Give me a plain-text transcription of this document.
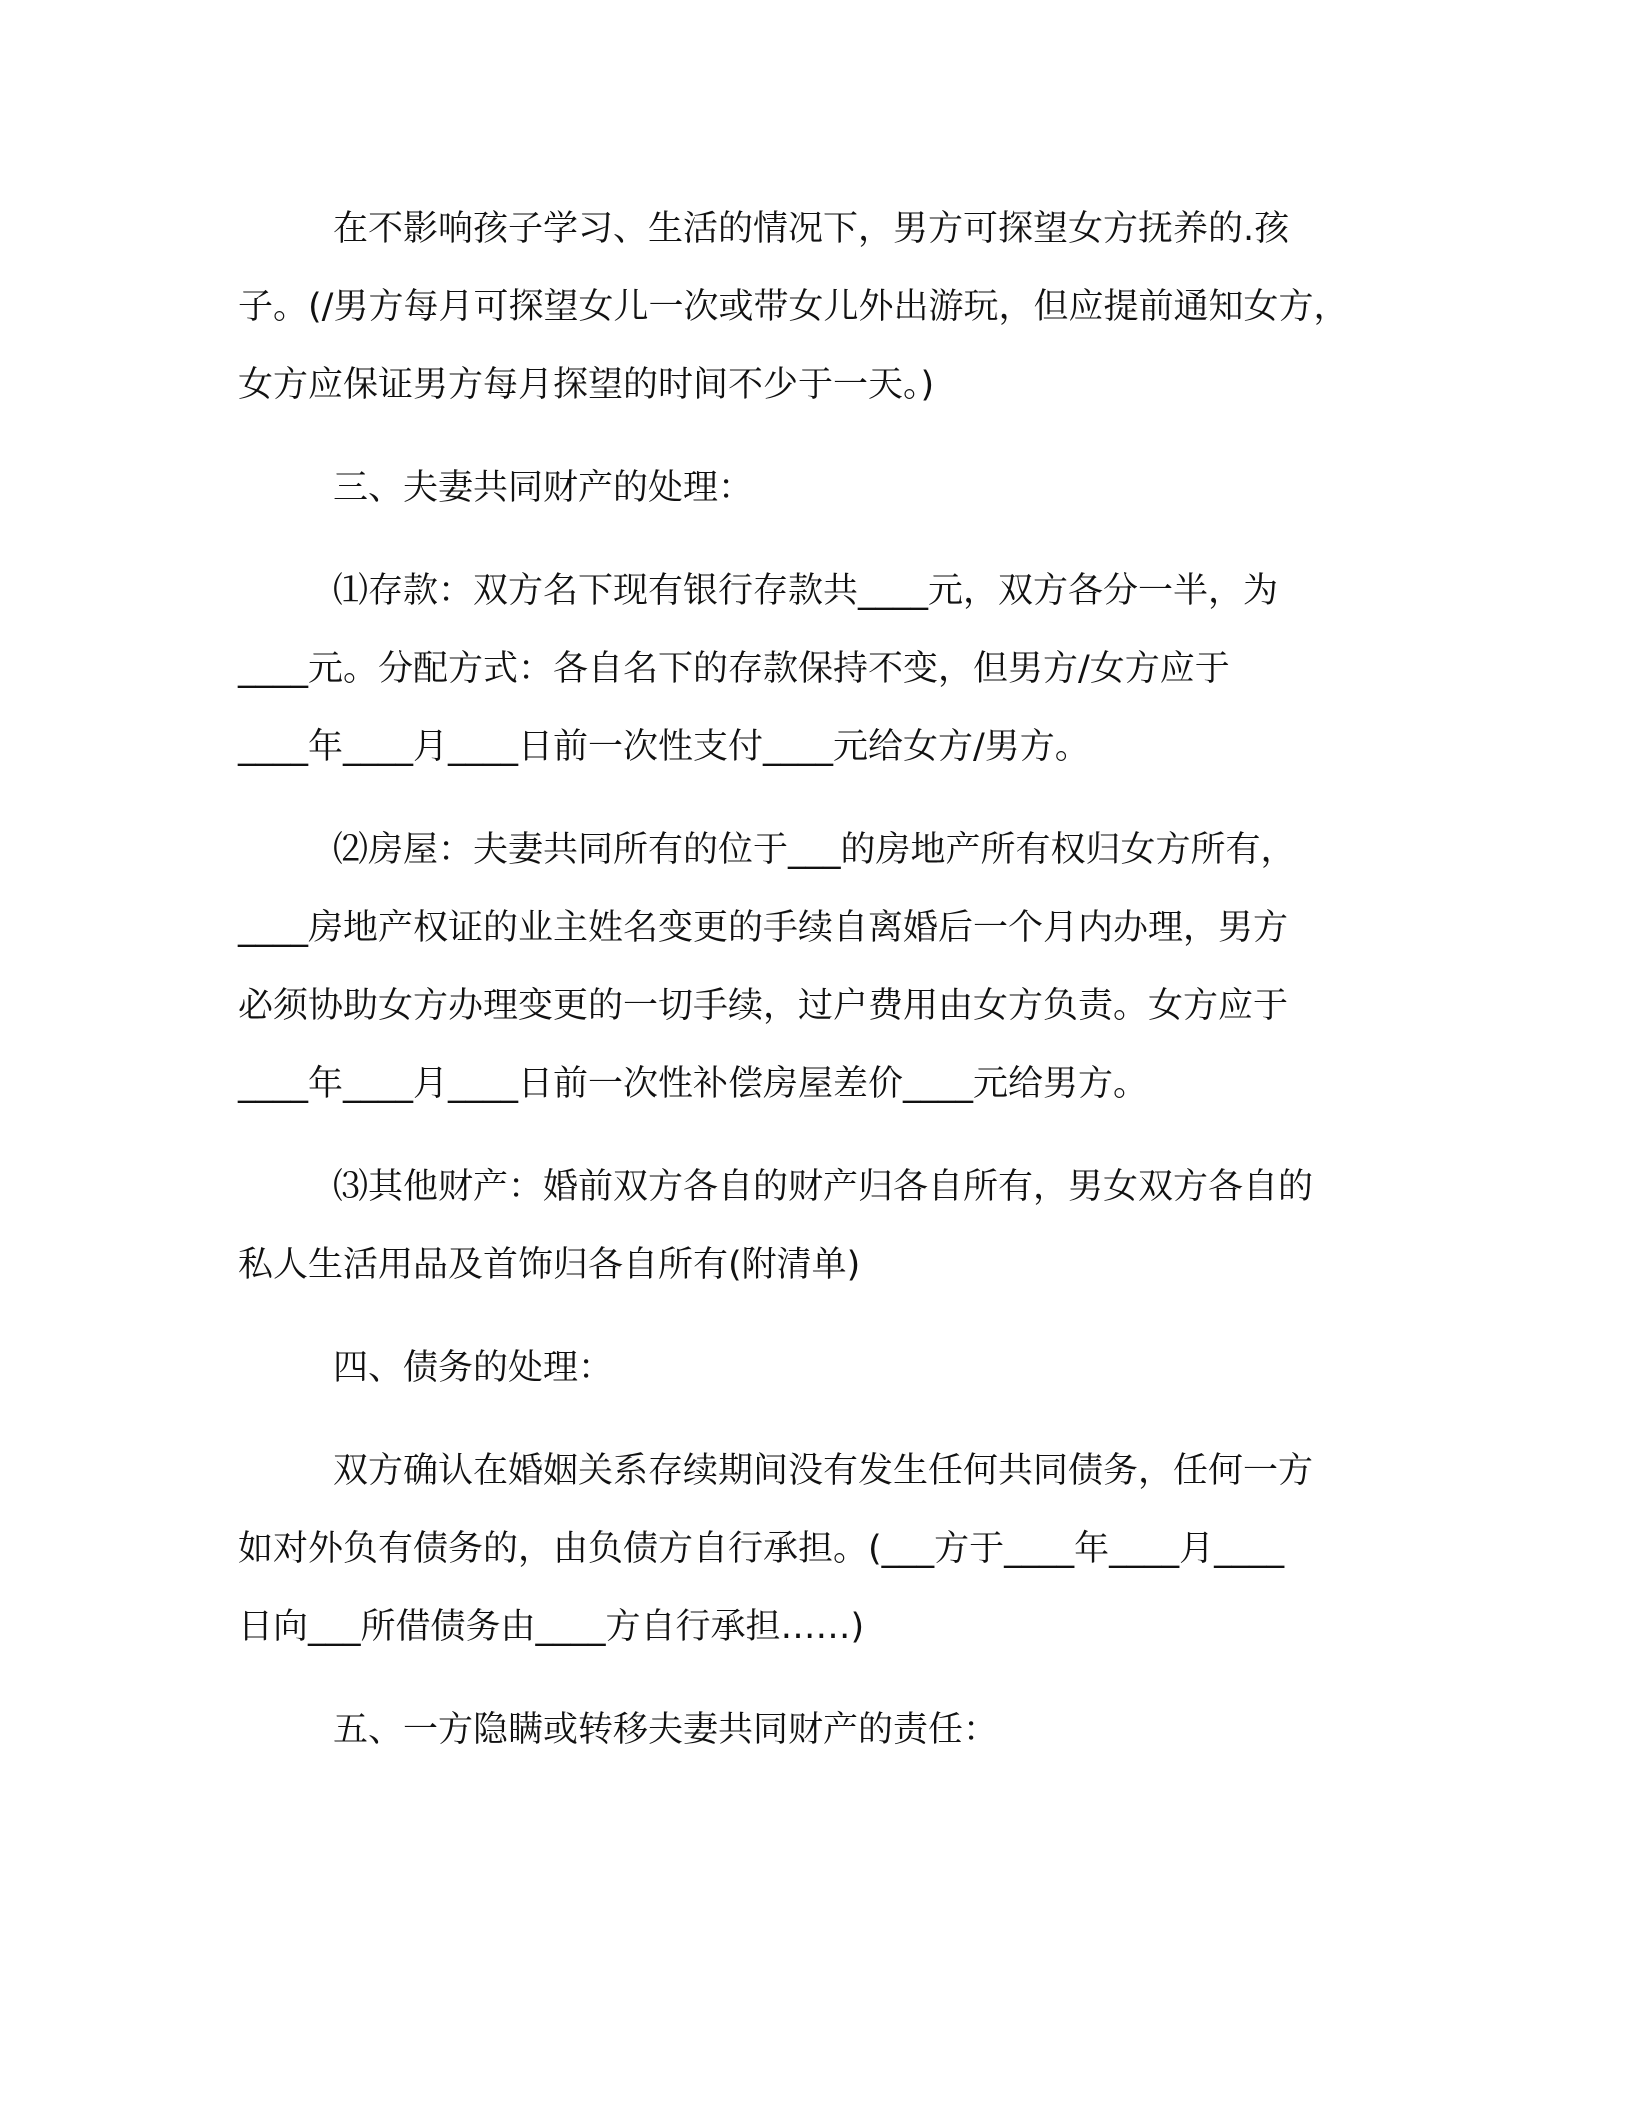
在不影响孩子学习、生活的情况下，男方可探望女方抚养的.孩
子。(/男方每月可探望女儿一次或带女儿外出游玩，但应提前通知女方，
女方应保证男方每月探望的时间不少于一天。)
三、夫妻共同财产的处理：
⑴存款：双方名下现有银行存款共____元，双方各分一半，为
____元。分配方式：各自名下的存款保持不变，但男方/女方应于
____年____月____日前一次性支付____元给女方/男方。
⑵房屋：夫妻共同所有的位于___的房地产所有权归女方所有，
____房地产权证的业主姓名变更的手续自离婚后一个月内办理，男方
必须协助女方办理变更的一切手续，过户费用由女方负责。女方应于
____年____月____日前一次性补偿房屋差价____元给男方。
⑶其他财产：婚前双方各自的财产归各自所有，男女双方各自的
私人生活用品及首饰归各自所有(附清单)
四、债务的处理：
双方确认在婚姻关系存续期间没有发生任何共同债务，任何一方
如对外负有债务的，由负债方自行承担。(___方于____年____月____
日向___所借债务由____方自行承担……)
五、一方隐瞒或转移夫妻共同财产的责任：
